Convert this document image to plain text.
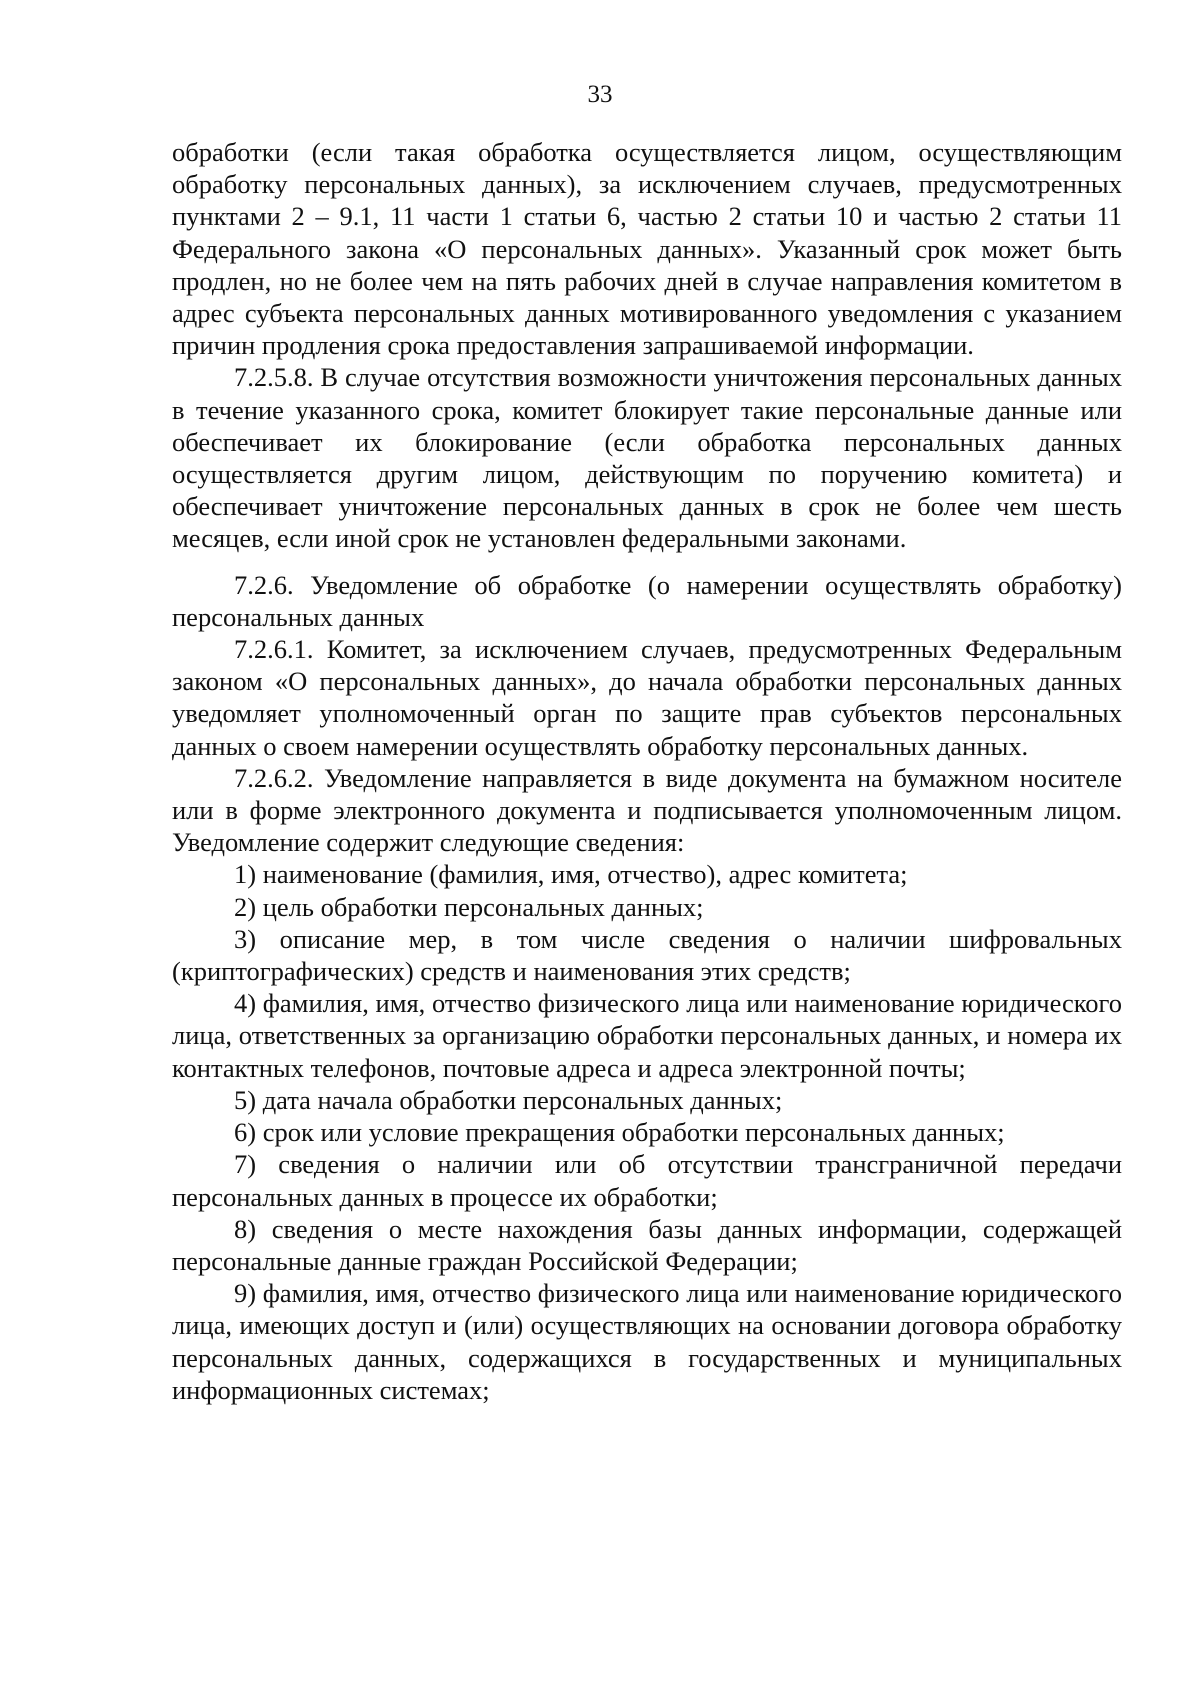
33

обработки (если такая обработка осуществляется лицом, осуществляющим обработку персональных данных), за исключением случаев, предусмотренных пунктами 2 – 9.1, 11 части 1 статьи 6, частью 2 статьи 10 и частью 2 статьи 11 Федерального закона «О персональных данных». Указанный срок может быть продлен, но не более чем на пять рабочих дней в случае направления комитетом в адрес субъекта персональных данных мотивированного уведомления с указанием причин продления срока предоставления запрашиваемой информации.

7.2.5.8. В случае отсутствия возможности уничтожения персональных данных в течение указанного срока, комитет блокирует такие персональные данные или обеспечивает их блокирование (если обработка персональных данных осуществляется другим лицом, действующим по поручению комитета) и обеспечивает уничтожение персональных данных в срок не более чем шесть месяцев, если иной срок не установлен федеральными законами.

7.2.6. Уведомление об обработке (о намерении осуществлять обработку) персональных данных

7.2.6.1. Комитет, за исключением случаев, предусмотренных Федеральным законом «О персональных данных», до начала обработки персональных данных уведомляет уполномоченный орган по защите прав субъектов персональных данных о своем намерении осуществлять обработку персональных данных.

7.2.6.2. Уведомление направляется в виде документа на бумажном носителе или в форме электронного документа и подписывается уполномоченным лицом. Уведомление содержит следующие сведения:

1) наименование (фамилия, имя, отчество), адрес комитета;

2) цель обработки персональных данных;

3) описание мер, в том числе сведения о наличии шифровальных (криптографических) средств и наименования этих средств;

4) фамилия, имя, отчество физического лица или наименование юридического лица, ответственных за организацию обработки персональных данных, и номера их контактных телефонов, почтовые адреса и адреса электронной почты;

5) дата начала обработки персональных данных;

6) срок или условие прекращения обработки персональных данных;

7) сведения о наличии или об отсутствии трансграничной передачи персональных данных в процессе их обработки;

8) сведения о месте нахождения базы данных информации, содержащей персональные данные граждан Российской Федерации;

9) фамилия, имя, отчество физического лица или наименование юридического лица, имеющих доступ и (или) осуществляющих на основании договора обработку персональных данных, содержащихся в государственных и муниципальных информационных системах;
